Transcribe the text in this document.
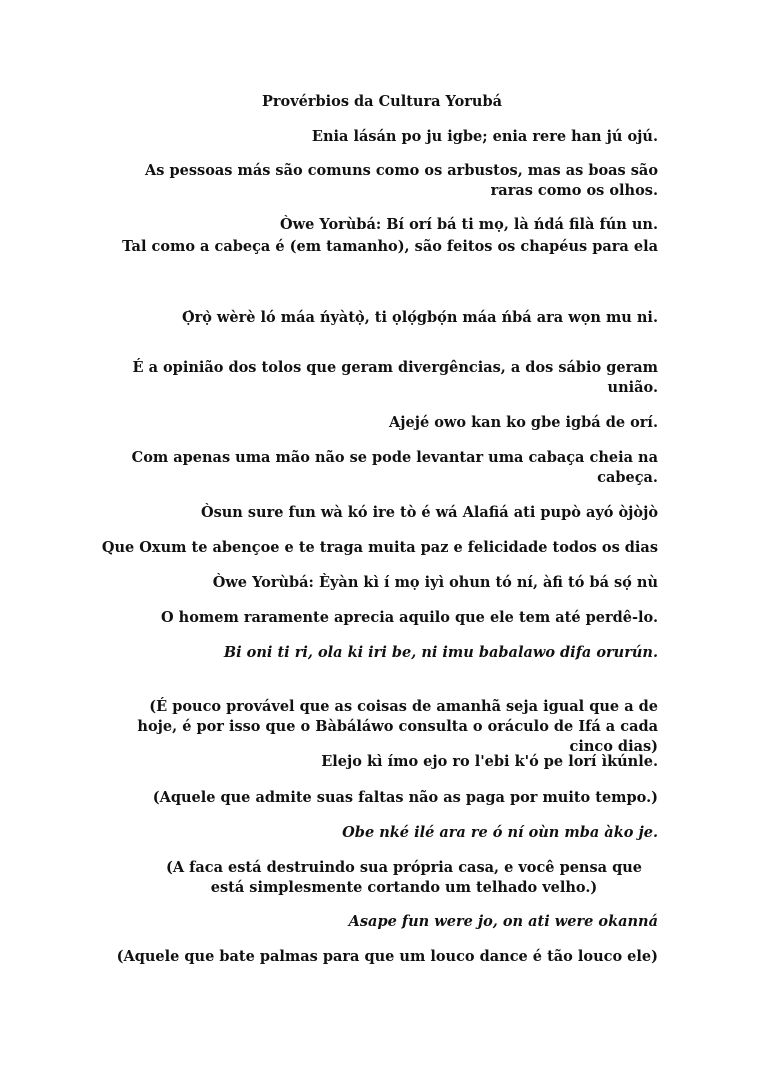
Provérbios da Cultura Yorubá
Enia lásán po ju igbe; enia rere han jú ojú.
As pessoas más são comuns como os arbustos, mas as boas são raras como os olhos.
Òwe Yorùbá: Bí orí bá ti mọ, là ńdá filà fún un.
Tal como a cabeça é (em tamanho), são feitos os chapéus para ela
Ọ̀rọ̀ wèrè ló máa ńyàtọ̀, ti ọlọ́gbọ́n máa ńbá ara wọn mu ni.
É a opinião dos tolos que geram divergências, a dos sábio geram união.
Ajejé owo kan ko gbe igbá de orí.
Com apenas uma mão não se pode levantar uma cabaça cheia na cabeça.
Òsun sure fun wà kó ire tò é wá Alafiá ati pupò ayó òjòjò
Que Oxum te abençoe e te traga muita paz e felicidade todos os dias
Òwe Yorùbá: Èyàn kì í mọ iyì ohun tó ní, àfi tó bá sọ́ nù
O homem raramente aprecia aquilo que ele tem até perdê-lo.
Bi oni ti ri, ola ki iri be, ni imu babalawo difa orurún.
(É pouco provável que as coisas de amanhã seja igual que a de hoje, é por isso que o Bàbáláwo consulta o oráculo de Ifá a cada cinco dias)
Elejo kì ímo ejo ro l'ebi k'ó pe lorí ìkúnle.
(Aquele que admite suas faltas não as paga por muito tempo.)
Obe nké ilé ara re ó ní oùn mba àko je.
(A faca está destruindo sua própria casa, e você pensa que está simplesmente cortando um telhado velho.)
Asape fun were jo, on ati were okanná
(Aquele que bate palmas para que um louco dance é tão louco ele)
